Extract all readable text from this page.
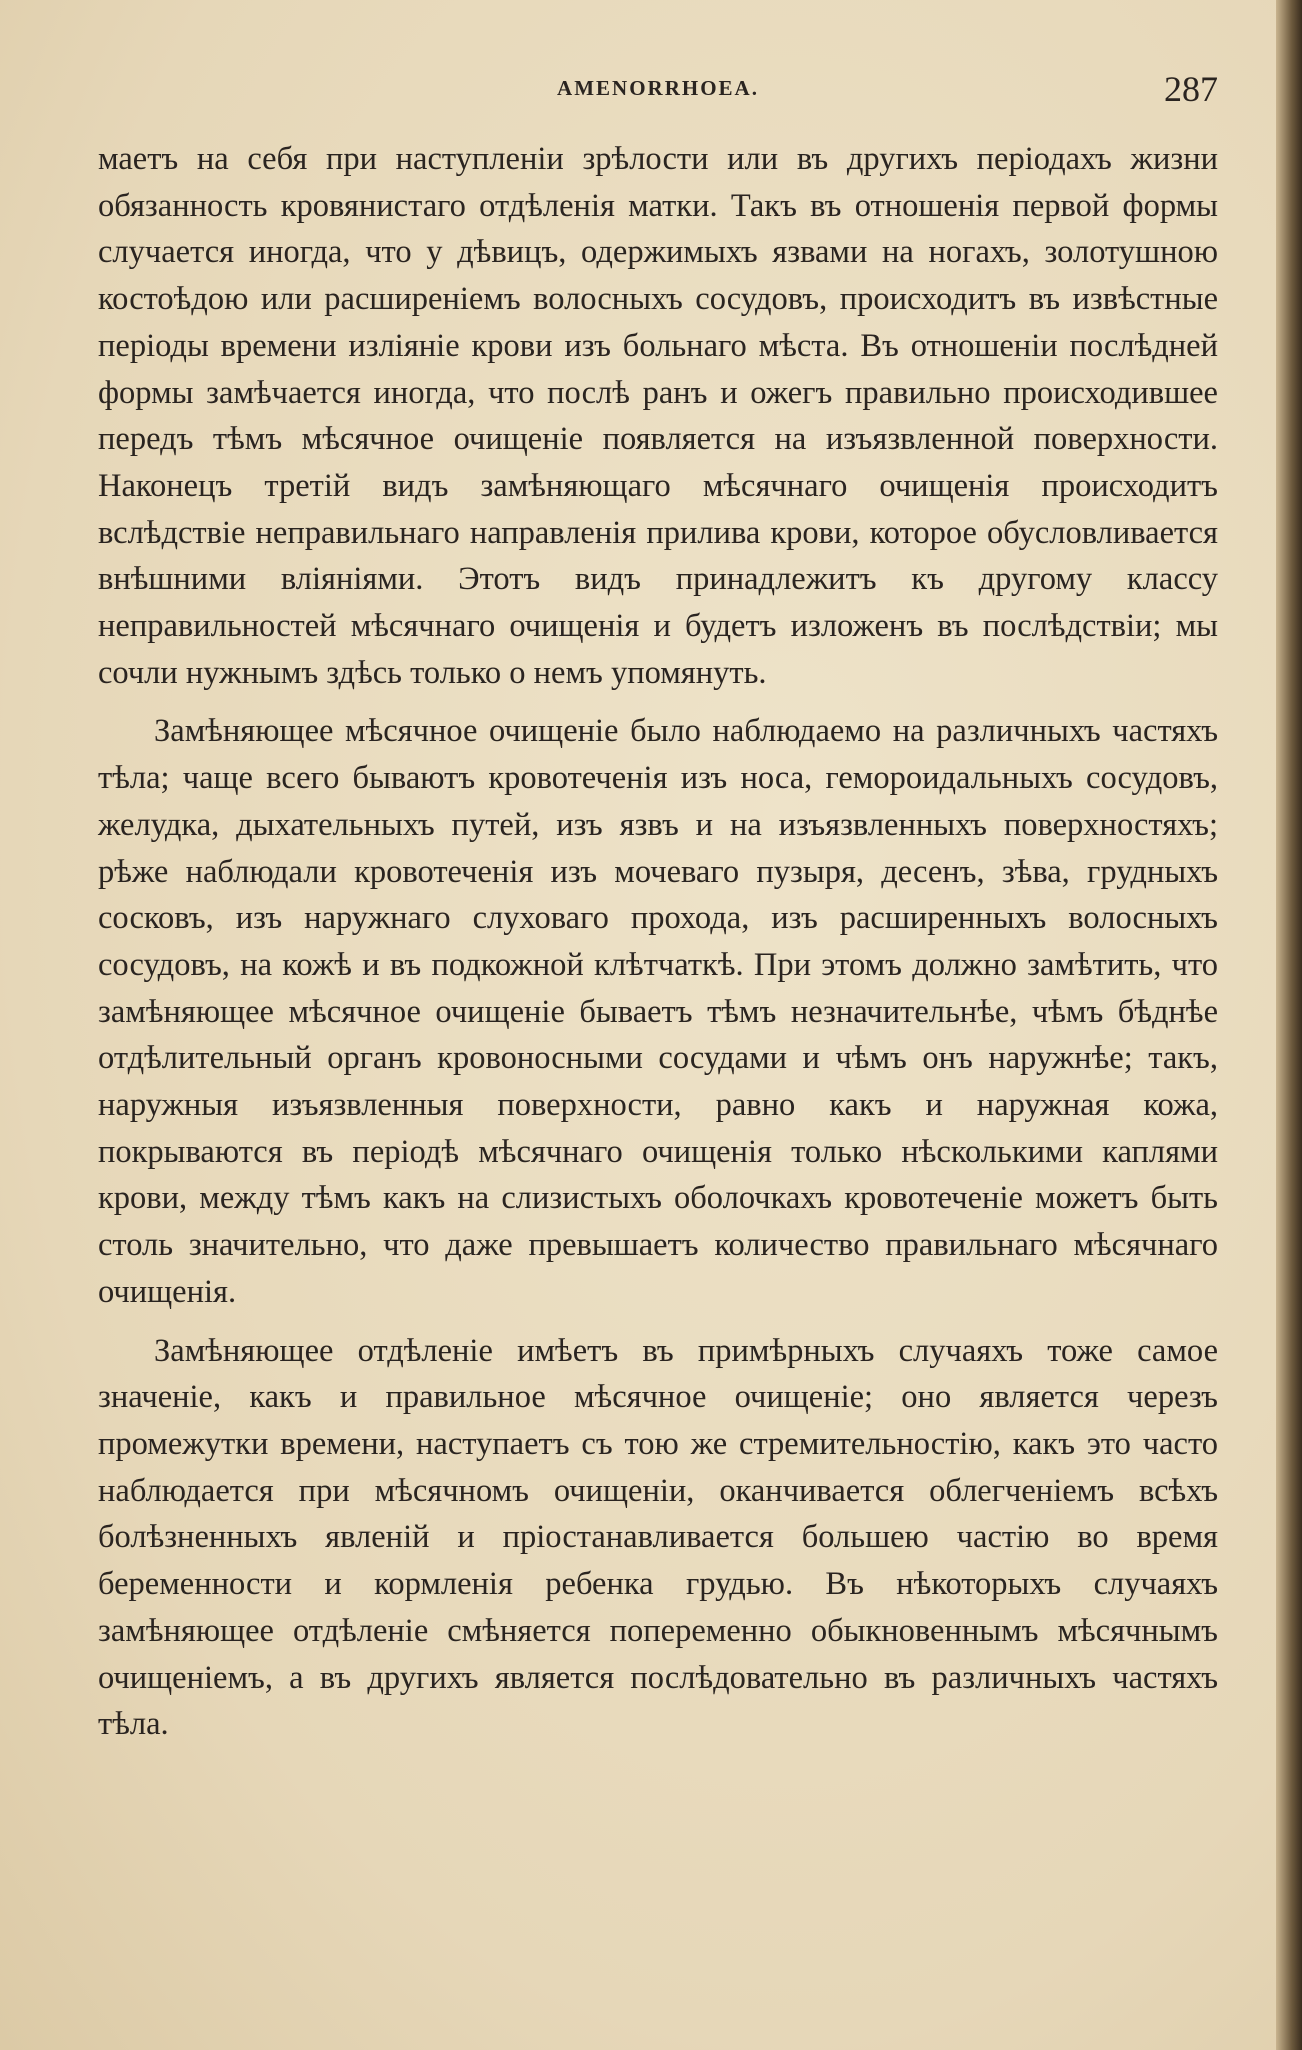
AMENORRHOEA.	287

маетъ на себя при наступленіи зрѣлости или въ другихъ періодахъ жизни обязанность кровянистаго отдѣленія матки. Такъ въ отношенія первой формы случается иногда, что у дѣвицъ, одержимыхъ язвами на ногахъ, золотушною костоѣдою или расширеніемъ волосныхъ сосудовъ, происходитъ въ извѣстные періоды времени изліяніе крови изъ больнаго мѣста. Въ отношеніи послѣдней формы замѣчается иногда, что послѣ ранъ и ожегъ правильно происходившее передъ тѣмъ мѣсячное очищеніе появляется на изъязвленной поверхности. Наконецъ третій видъ замѣняющаго мѣсячнаго очищенія происходитъ вслѣдствіе неправильнаго направленія прилива крови, которое обусловливается внѣшними вліяніями. Этотъ видъ принадлежитъ къ другому классу неправильностей мѣсячнаго очищенія и будетъ изложенъ въ послѣдствіи; мы сочли нужнымъ здѣсь только о немъ упомянуть.

Замѣняющее мѣсячное очищеніе было наблюдаемо на различныхъ частяхъ тѣла; чаще всего бываютъ кровотеченія изъ носа, гемороидальныхъ сосудовъ, желудка, дыхательныхъ путей, изъ язвъ и на изъязвленныхъ поверхностяхъ; рѣже наблюдали кровотеченія изъ мочеваго пузыря, десенъ, зѣва, грудныхъ сосковъ, изъ наружнаго слуховаго прохода, изъ расширенныхъ волосныхъ сосудовъ, на кожѣ и въ подкожной клѣтчаткѣ. При этомъ должно замѣтить, что замѣняющее мѣсячное очищеніе бываетъ тѣмъ незначительнѣе, чѣмъ бѣднѣе отдѣлительный органъ кровоносными сосудами и чѣмъ онъ наружнѣе; такъ, наружныя изъязвленныя поверхности, равно какъ и наружная кожа, покрываются въ періодѣ мѣсячнаго очищенія только нѣсколькими каплями крови, между тѣмъ какъ на слизистыхъ оболочкахъ кровотеченіе можетъ быть столь значительно, что даже превышаетъ количество правильнаго мѣсячнаго очищенія.

Замѣняющее отдѣленіе имѣетъ въ примѣрныхъ случаяхъ тоже самое значеніе, какъ и правильное мѣсячное очищеніе; оно является черезъ промежутки времени, наступаетъ съ тою же стремительностію, какъ это часто наблюдается при мѣсячномъ очищеніи, оканчивается облегченіемъ всѣхъ болѣзненныхъ явленій и пріостанавливается большею частію во время беременности и кормленія ребенка грудью. Въ нѣкоторыхъ случаяхъ замѣняющее отдѣленіе смѣняется попеременно обыкновеннымъ мѣсячнымъ очищеніемъ, а въ другихъ является послѣдовательно въ различныхъ частяхъ тѣла.
